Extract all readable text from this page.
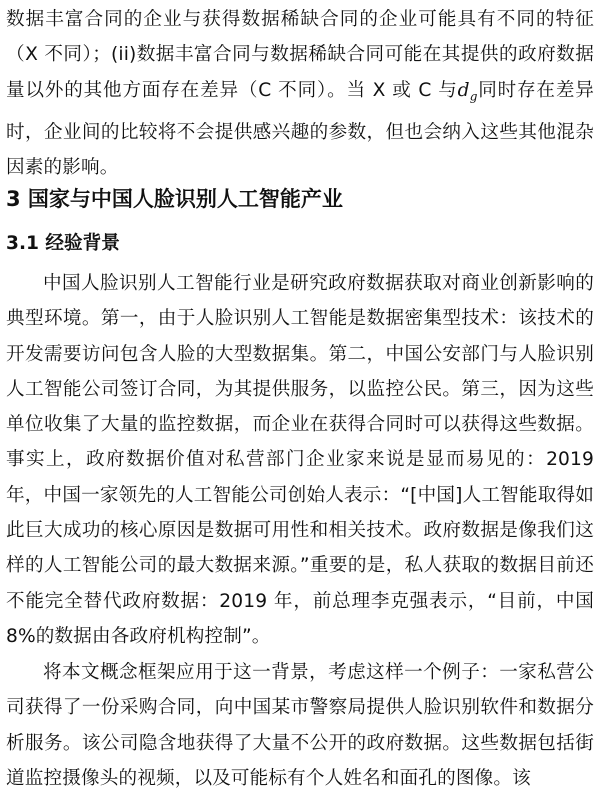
数据丰富合同的企业与获得数据稀缺合同的企业可能具有不同的特征（X 不同）；(ii)数据丰富合同与数据稀缺合同可能在其提供的政府数据量以外的其他方面存在差异（C 不同）。当 X 或 C 与$d_g$同时存在差异时，企业间的比较将不会提供感兴趣的参数，但也会纳入这些其他混杂因素的影响。

3 国家与中国人脸识别人工智能产业
3.1 经验背景

中国人脸识别人工智能行业是研究政府数据获取对商业创新影响的典型环境。第一，由于人脸识别人工智能是数据密集型技术：该技术的开发需要访问包含人脸的大型数据集。第二，中国公安部门与人脸识别人工智能公司签订合同，为其提供服务，以监控公民。第三，因为这些单位收集了大量的监控数据，而企业在获得合同时可以获得这些数据。事实上，政府数据价值对私营部门企业家来说是显而易见的：2019 年，中国一家领先的人工智能公司创始人表示：“[中国]人工智能取得如此巨大成功的核心原因是数据可用性和相关技术。政府数据是像我们这样的人工智能公司的最大数据来源。”重要的是，私人获取的数据目前还不能完全替代政府数据：2019 年，前总理李克强表示，“目前，中国 8%的数据由各政府机构控制”。

将本文概念框架应用于这一背景，考虑这样一个例子：一家私营公司获得了一份采购合同，向中国某市警察局提供人脸识别软件和数据分析服务。该公司隐含地获得了大量不公开的政府数据。这些数据包括街道监控摄像头的视频，以及可能标有个人姓名和面孔的图像。该
